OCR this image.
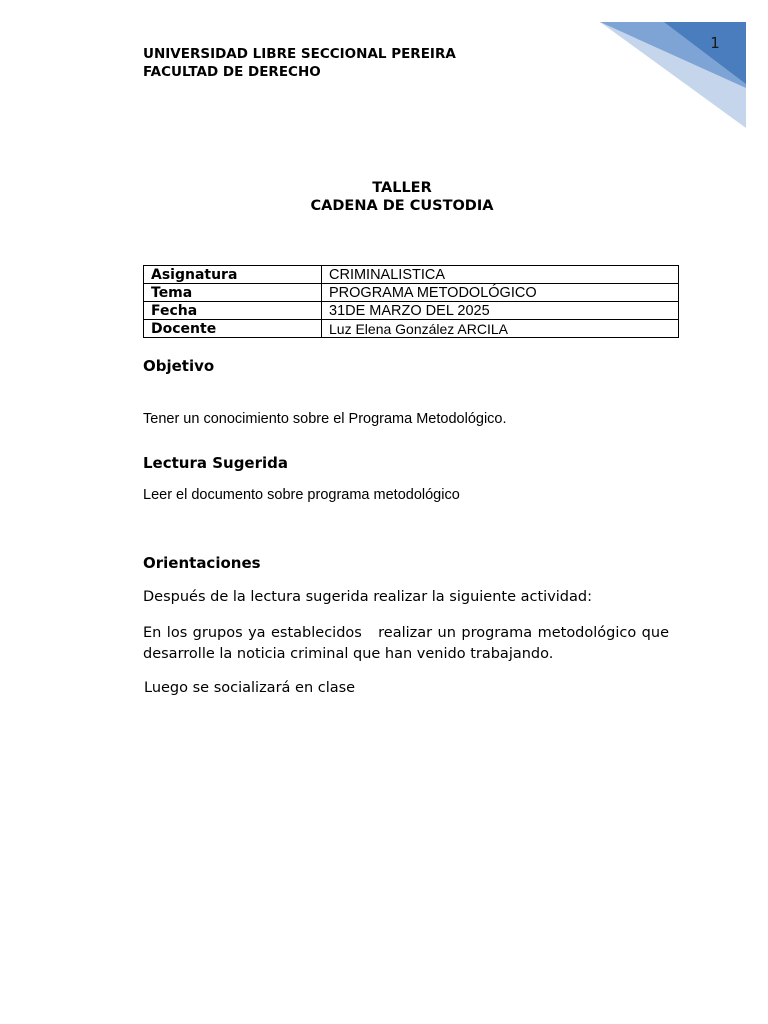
1
UNIVERSIDAD LIBRE SECCIONAL PEREIRA
FACULTAD DE DERECHO
TALLER
CADENA DE CUSTODIA
Asignatura	CRIMINALISTICA
Tema	PROGRAMA METODOLÓGICO
Fecha	31DE MARZO DEL 2025
Docente	Luz Elena González ARCILA
Objetivo
Tener un conocimiento sobre el Programa Metodológico.
Lectura Sugerida
Leer el documento sobre programa metodológico
Orientaciones
Después de la lectura sugerida realizar la siguiente actividad:
En los grupos ya establecidos   realizar un programa metodológico que  desarrolle la noticia criminal que han venido trabajando.
Luego se socializará en clase
